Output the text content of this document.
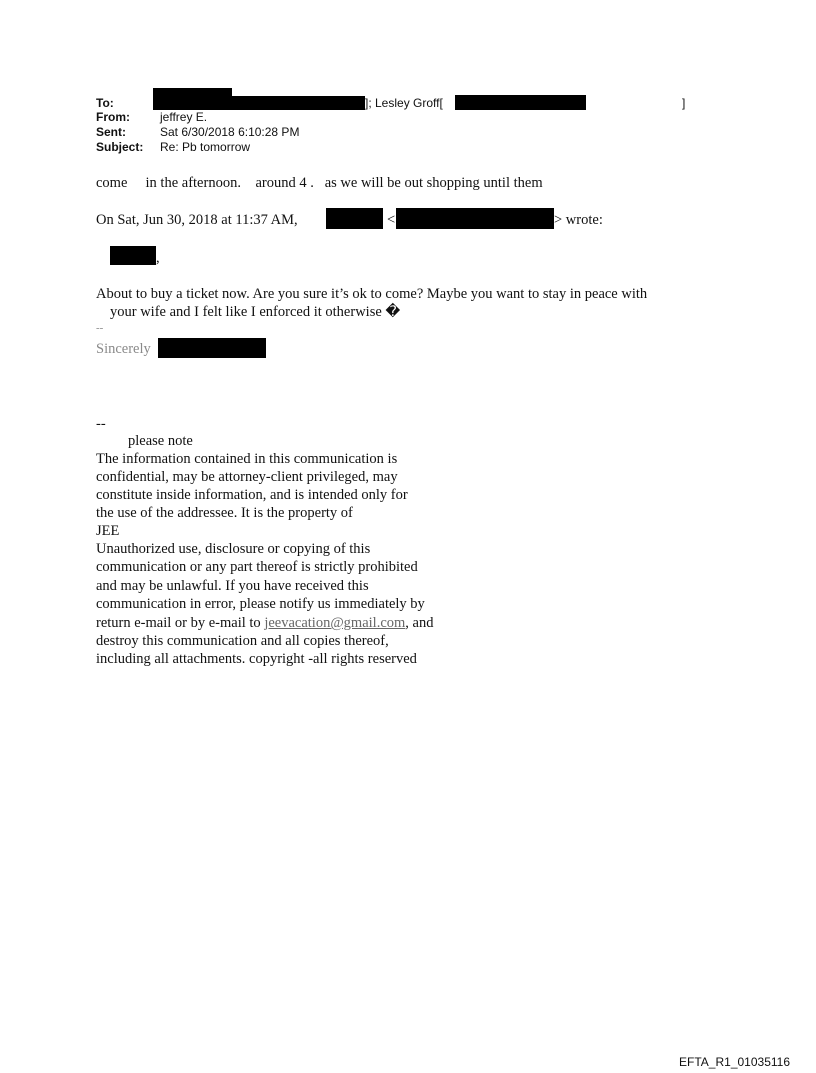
To:	]; Lesley Groff[	]
From:	jeffrey E.
Sent:	Sat 6/30/2018 6:10:28 PM
Subject: Re: Pb tomorrow
come     in the afternoon.    around 4 .   as we will be out shopping until them
On Sat, Jun 30, 2018 at 11:37 AM,	<	> wrote:
,
About to buy a ticket now. Are you sure it’s ok to come? Maybe you want to stay in peace with
your wife and I felt like I enforced it otherwise �
--
Sincerely
--
please note
The information contained in this communication is
confidential, may be attorney-client privileged, may
constitute inside information, and is intended only for
the use of the addressee. It is the property of
JEE
Unauthorized use, disclosure or copying of this
communication or any part thereof is strictly prohibited
and may be unlawful. If you have received this
communication in error, please notify us immediately by
return e-mail or by e-mail to jeevacation@gmail.com, and
destroy this communication and all copies thereof,
including all attachments. copyright -all rights reserved
EFTA_R1_01035116
